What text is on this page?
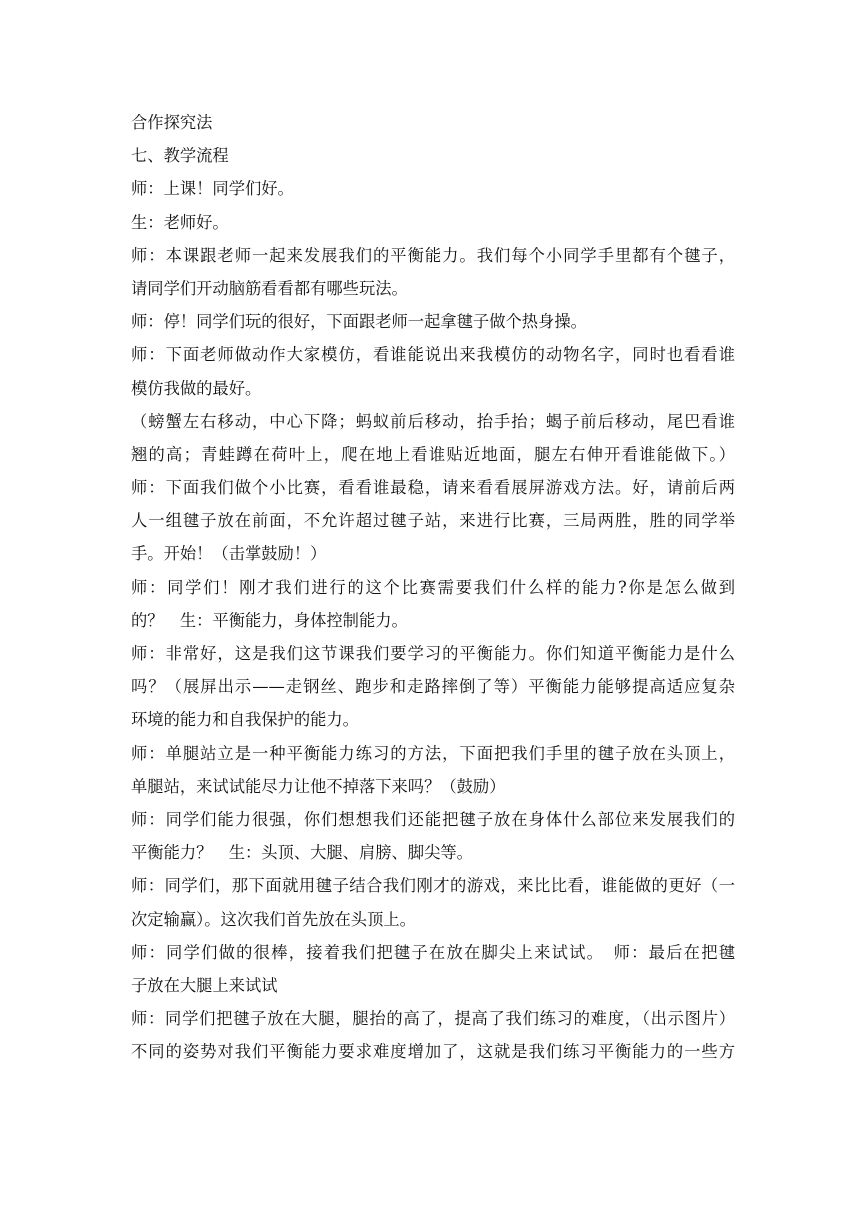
合作探究法
七、教学流程
师：上课！同学们好。
生：老师好。
师：本课跟老师一起来发展我们的平衡能力。我们每个小同学手里都有个毽子，
请同学们开动脑筋看看都有哪些玩法。
师：停！同学们玩的很好，下面跟老师一起拿毽子做个热身操。
师：下面老师做动作大家模仿，看谁能说出来我模仿的动物名字，同时也看看谁
模仿我做的最好。
（螃蟹左右移动，中心下降；蚂蚁前后移动，抬手抬；蝎子前后移动，尾巴看谁
翘的高；青蛙蹲在荷叶上，爬在地上看谁贴近地面，腿左右伸开看谁能做下。）
师：下面我们做个小比赛，看看谁最稳，请来看看展屏游戏方法。好，请前后两
人一组毽子放在前面，不允许超过毽子站，来进行比赛，三局两胜，胜的同学举
手。开始！（击掌鼓励！）
师：同学们！刚才我们进行的这个比赛需要我们什么样的能力?你是怎么做到
的？　生：平衡能力，身体控制能力。
师：非常好，这是我们这节课我们要学习的平衡能力。你们知道平衡能力是什么
吗？（展屏出示——走钢丝、跑步和走路摔倒了等）平衡能力能够提高适应复杂
环境的能力和自我保护的能力。
师：单腿站立是一种平衡能力练习的方法，下面把我们手里的毽子放在头顶上，
单腿站，来试试能尽力让他不掉落下来吗？（鼓励）
师：同学们能力很强，你们想想我们还能把毽子放在身体什么部位来发展我们的
平衡能力？　生：头顶、大腿、肩膀、脚尖等。
师：同学们，那下面就用毽子结合我们刚才的游戏，来比比看，谁能做的更好（一
次定输赢）。这次我们首先放在头顶上。
师：同学们做的很棒，接着我们把毽子在放在脚尖上来试试。　师：最后在把毽
子放在大腿上来试试
师：同学们把毽子放在大腿，腿抬的高了，提高了我们练习的难度，（出示图片）
不同的姿势对我们平衡能力要求难度增加了，这就是我们练习平衡能力的一些方
